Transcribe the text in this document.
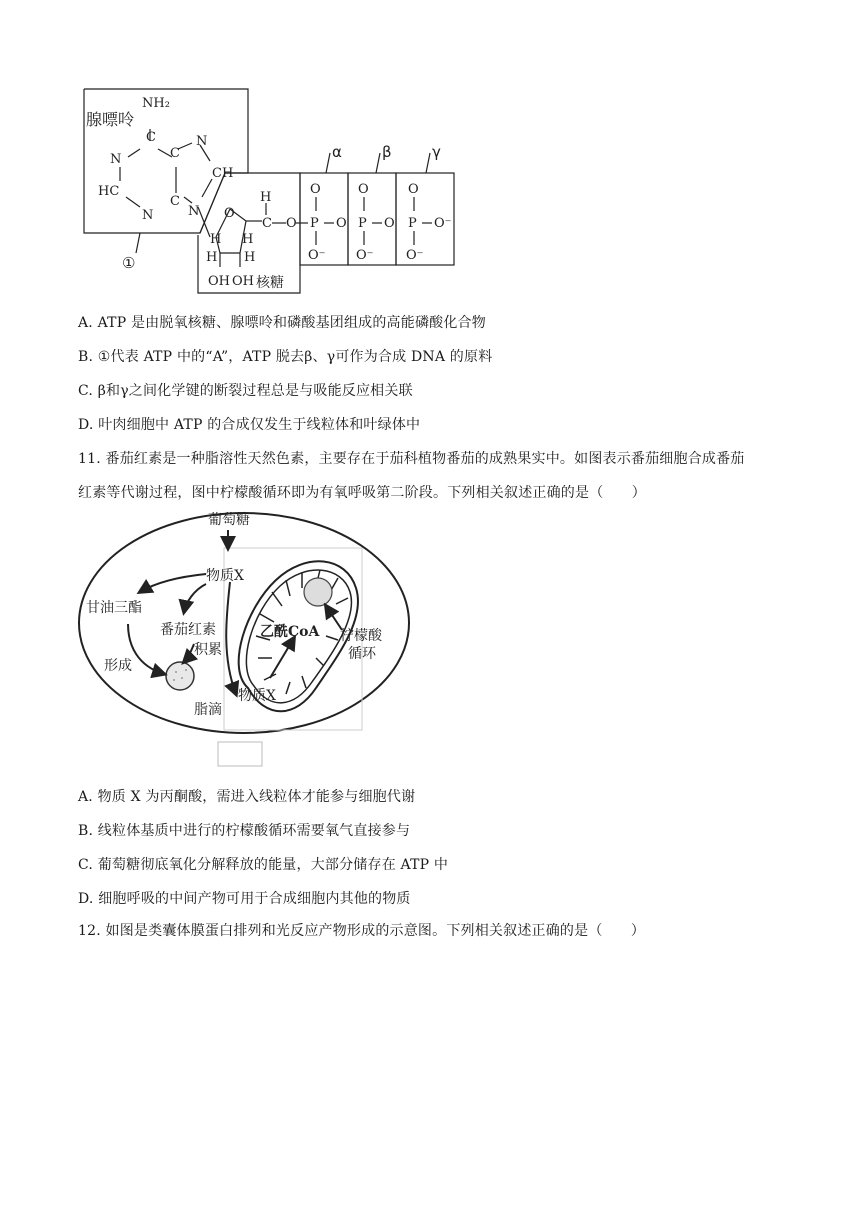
腺嘌呤
核糖
①
α	β	γ
NH₂
C
N	C
N
CH
HC
C
N	N O
H
C O
H H
H H
OH OH
O
P O
O⁻
O
P O
O⁻
O
P O⁻
O⁻
A. ATP 是由脱氧核糖、腺嘌呤和磷酸基团组成的高能磷酸化合物
B. ①代表 ATP 中的“A”，ATP 脱去β、γ可作为合成 DNA 的原料
C. β和γ之间化学键的断裂过程总是与吸能反应相关联
D. 叶肉细胞中 ATP 的合成仅发生于线粒体和叶绿体中
11. 番茄红素是一种脂溶性天然色素，主要存在于茄科植物番茄的成熟果实中。如图表示番茄细胞合成番茄
红素等代谢过程，图中柠檬酸循环即为有氧呼吸第二阶段。下列相关叙述正确的是（　　）
葡萄糖
物质X
甘油三酯
番茄红素
积累
形成
脂滴
乙酰CoA 柠檬酸
循环
物质X
A. 物质 X 为丙酮酸，需进入线粒体才能参与细胞代谢
B. 线粒体基质中进行的柠檬酸循环需要氧气直接参与
C. 葡萄糖彻底氧化分解释放的能量，大部分储存在 ATP 中
D. 细胞呼吸的中间产物可用于合成细胞内其他的物质
12. 如图是类囊体膜蛋白排列和光反应产物形成的示意图。下列相关叙述正确的是（　　）
